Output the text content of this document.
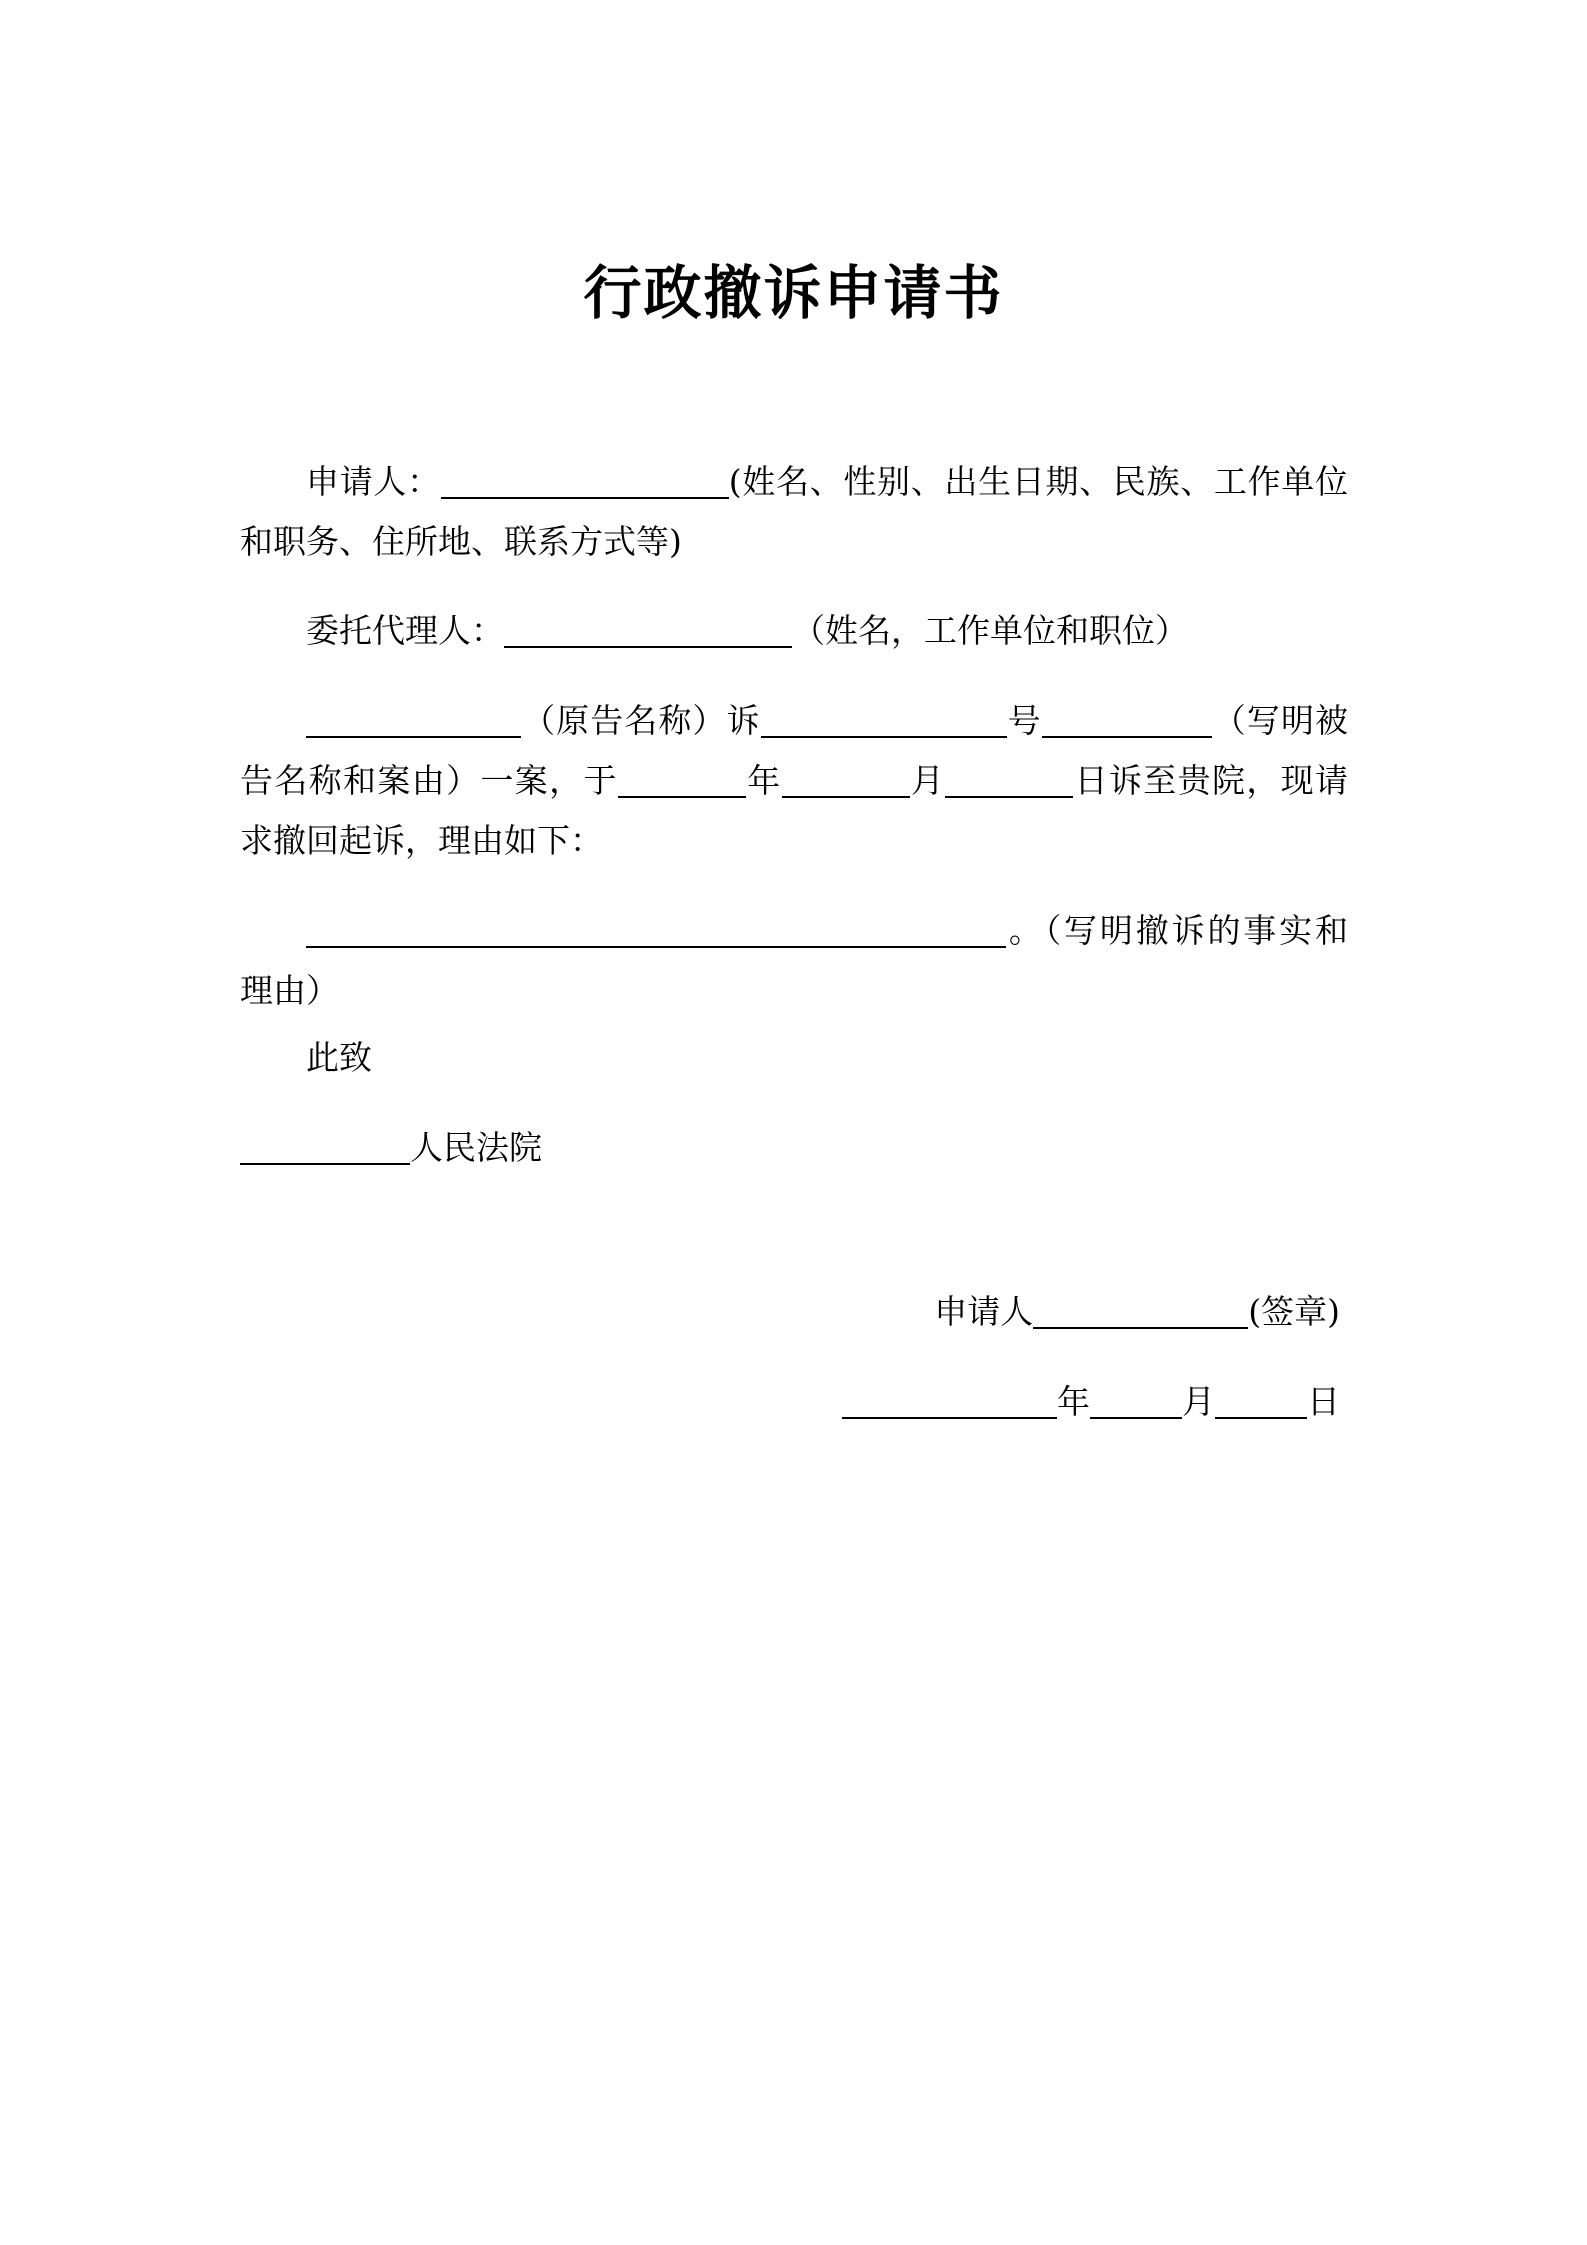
行政撤诉申请书

申请人：	(姓名、性别、出生日期、民族、工作单位和职务、住所地、联系方式等)

委托代理人：	（姓名，工作单位和职位）

（原告名称）诉	号	（写明被告名称和案由）一案，于	年	月	日诉至贵院，现请求撤回起诉，理由如下：

。（写明撤诉的事实和理由）

此致

人民法院

申请人	(签章)
年	月	日
